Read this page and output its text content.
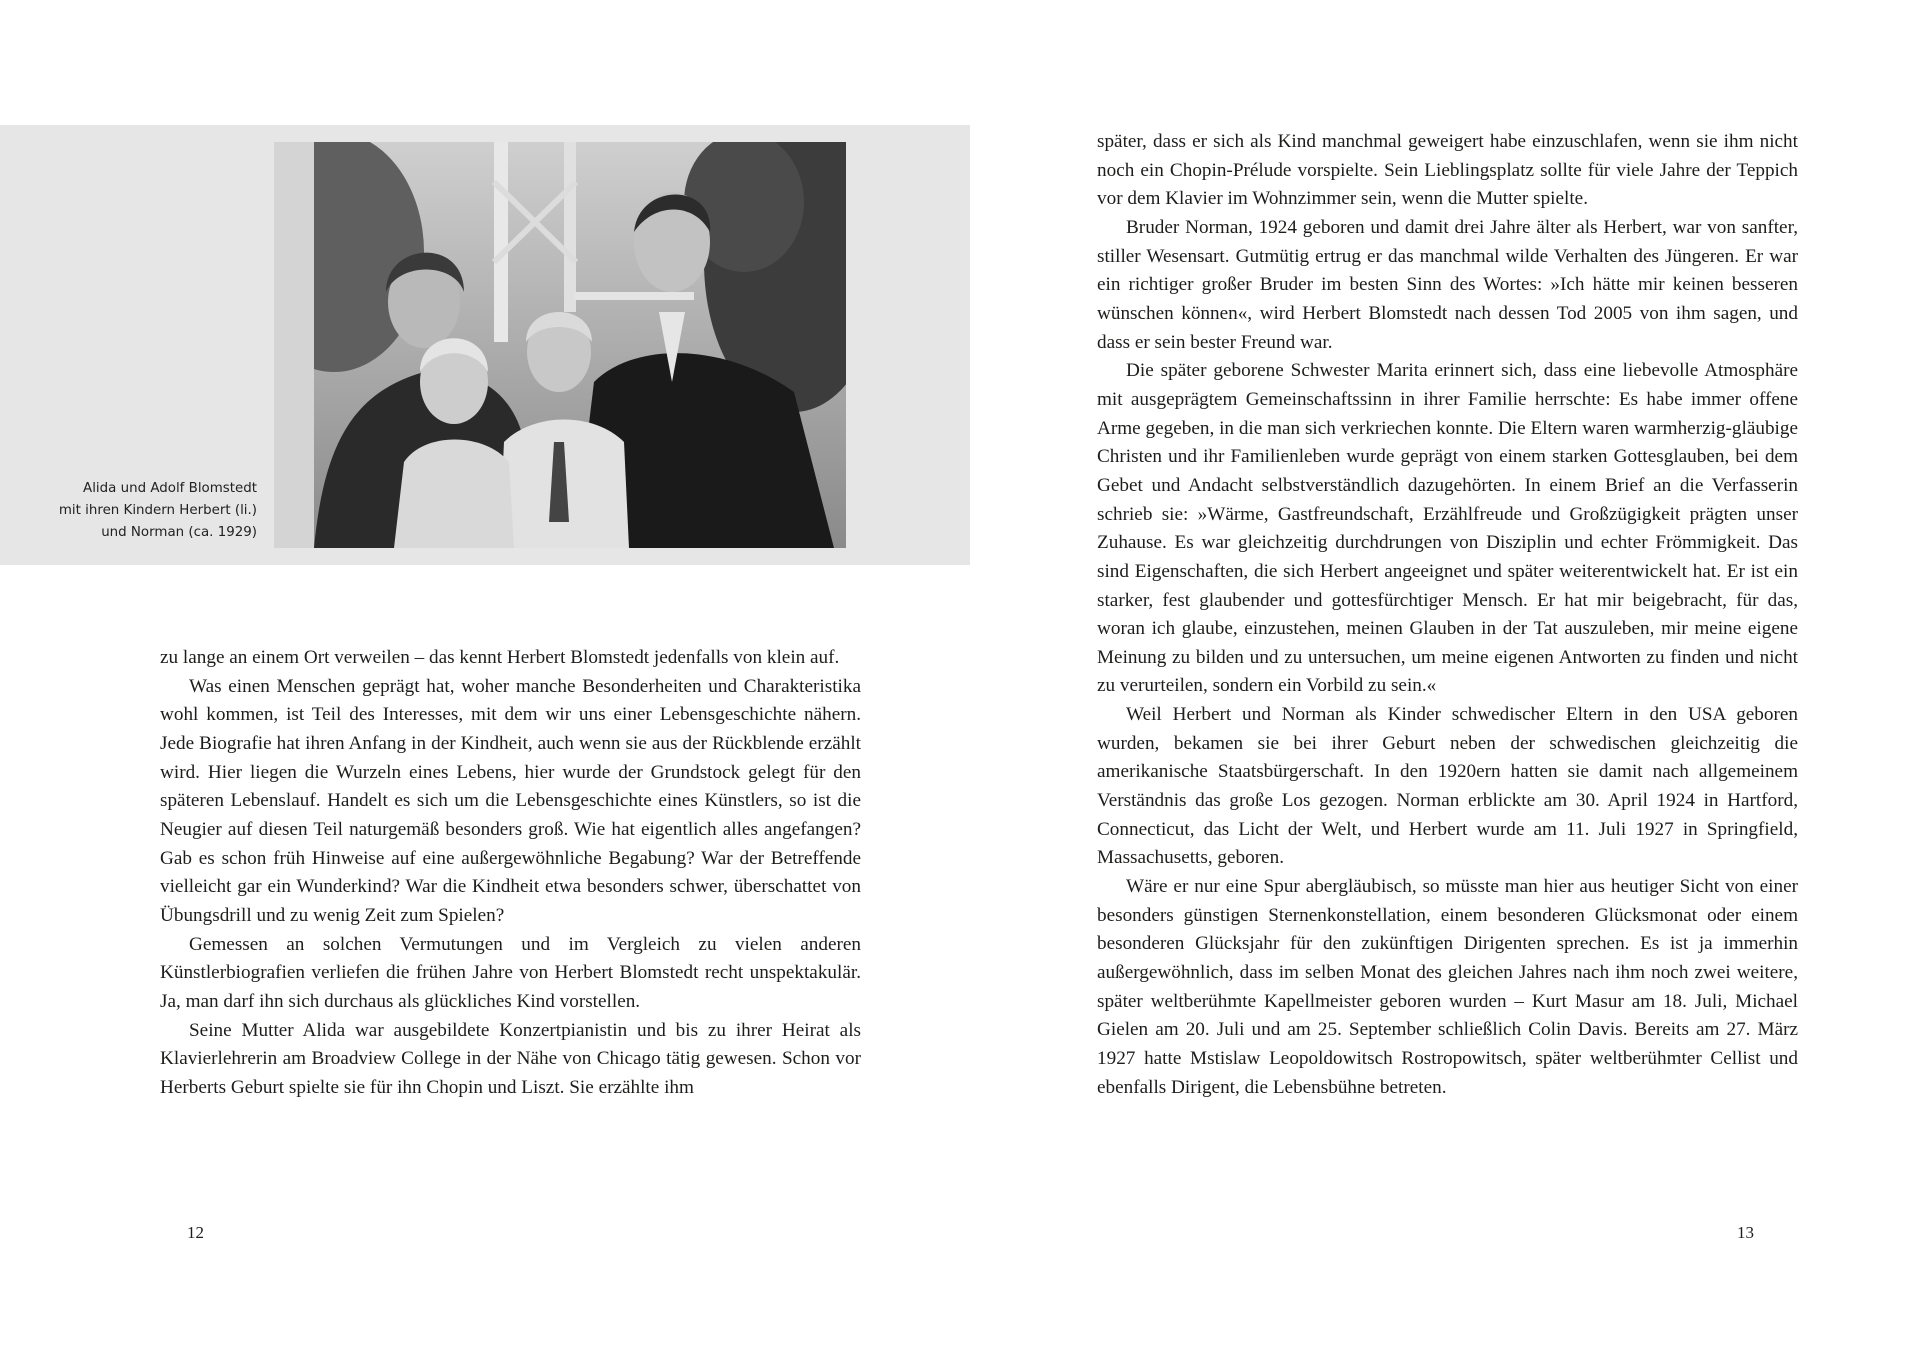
Alida und Adolf Blomstedt
mit ihren Kindern Herbert (li.)
und Norman (ca. 1929)

zu lange an einem Ort verweilen – das kennt Herbert Blomstedt jedenfalls von klein auf.

Was einen Menschen geprägt hat, woher manche Besonderheiten und Charakteristika wohl kommen, ist Teil des Interesses, mit dem wir uns einer Lebensgeschichte nähern. Jede Biografie hat ihren Anfang in der Kindheit, auch wenn sie aus der Rückblende erzählt wird. Hier liegen die Wurzeln eines Lebens, hier wurde der Grundstock gelegt für den späteren Lebenslauf. Handelt es sich um die Lebensgeschichte eines Künstlers, so ist die Neugier auf diesen Teil naturgemäß besonders groß. Wie hat eigentlich alles angefangen? Gab es schon früh Hinweise auf eine außergewöhnliche Begabung? War der Betreffende vielleicht gar ein Wunderkind? War die Kindheit etwa besonders schwer, überschattet von Übungsdrill und zu wenig Zeit zum Spielen?

Gemessen an solchen Vermutungen und im Vergleich zu vielen anderen Künstlerbiografien verliefen die frühen Jahre von Herbert Blomstedt recht unspektakulär. Ja, man darf ihn sich durchaus als glückliches Kind vorstellen.

Seine Mutter Alida war ausgebildete Konzertpianistin und bis zu ihrer Heirat als Klavierlehrerin am Broadview College in der Nähe von Chicago tätig gewesen. Schon vor Herberts Geburt spielte sie für ihn Chopin und Liszt. Sie erzählte ihm

später, dass er sich als Kind manchmal geweigert habe einzuschlafen, wenn sie ihm nicht noch ein Chopin-Prélude vorspielte. Sein Lieblingsplatz sollte für viele Jahre der Teppich vor dem Klavier im Wohnzimmer sein, wenn die Mutter spielte.

Bruder Norman, 1924 geboren und damit drei Jahre älter als Herbert, war von sanfter, stiller Wesensart. Gutmütig ertrug er das manchmal wilde Verhalten des Jüngeren. Er war ein richtiger großer Bruder im besten Sinn des Wortes: »Ich hätte mir keinen besseren wünschen können«, wird Herbert Blomstedt nach dessen Tod 2005 von ihm sagen, und dass er sein bester Freund war.

Die später geborene Schwester Marita erinnert sich, dass eine liebevolle Atmosphäre mit ausgeprägtem Gemeinschaftssinn in ihrer Familie herrschte: Es habe immer offene Arme gegeben, in die man sich verkriechen konnte. Die Eltern waren warmherzig-gläubige Christen und ihr Familienleben wurde geprägt von einem starken Gottesglauben, bei dem Gebet und Andacht selbstverständlich dazugehörten. In einem Brief an die Verfasserin schrieb sie: »Wärme, Gastfreundschaft, Erzählfreude und Großzügigkeit prägten unser Zuhause. Es war gleichzeitig durchdrungen von Disziplin und echter Frömmigkeit. Das sind Eigenschaften, die sich Herbert angeeignet und später weiterentwickelt hat. Er ist ein starker, fest glaubender und gottesfürchtiger Mensch. Er hat mir beigebracht, für das, woran ich glaube, einzustehen, meinen Glauben in der Tat auszuleben, mir meine eigene Meinung zu bilden und zu untersuchen, um meine eigenen Antworten zu finden und nicht zu verurteilen, sondern ein Vorbild zu sein.«

Weil Herbert und Norman als Kinder schwedischer Eltern in den USA geboren wurden, bekamen sie bei ihrer Geburt neben der schwedischen gleichzeitig die amerikanische Staatsbürgerschaft. In den 1920ern hatten sie damit nach allgemeinem Verständnis das große Los gezogen. Norman erblickte am 30. April 1924 in Hartford, Connecticut, das Licht der Welt, und Herbert wurde am 11. Juli 1927 in Springfield, Massachusetts, geboren.

Wäre er nur eine Spur abergläubisch, so müsste man hier aus heutiger Sicht von einer besonders günstigen Sternenkonstellation, einem besonderen Glücksmonat oder einem besonderen Glücksjahr für den zukünftigen Dirigenten sprechen. Es ist ja immerhin außergewöhnlich, dass im selben Monat des gleichen Jahres nach ihm noch zwei weitere, später weltberühmte Kapellmeister geboren wurden – Kurt Masur am 18. Juli, Michael Gielen am 20. Juli und am 25. September schließlich Colin Davis. Bereits am 27. März 1927 hatte Mstislaw Leopoldowitsch Rostropowitsch, später weltberühmter Cellist und ebenfalls Dirigent, die Lebensbühne betreten.

12	13
